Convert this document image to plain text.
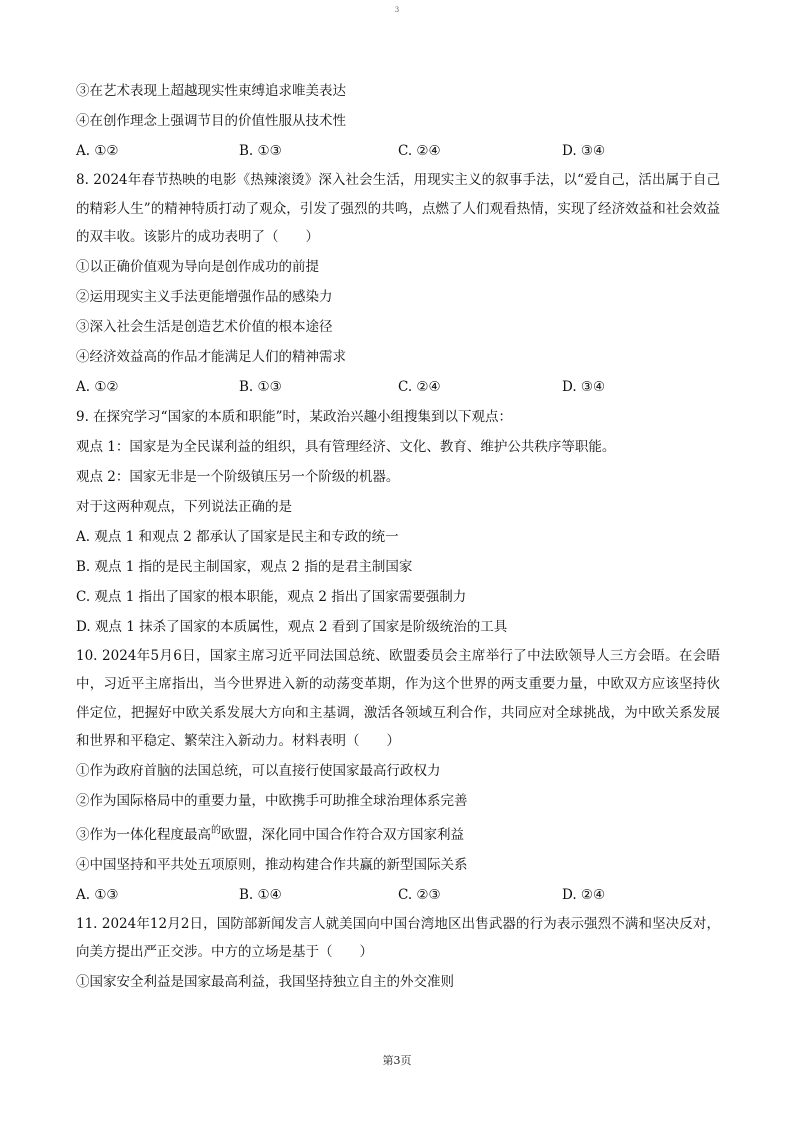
3
③在艺术表现上超越现实性束缚追求唯美表达
④在创作理念上强调节目的价值性服从技术性
A. ①②	B. ①③	C. ②④	D. ③④
8. 2024年春节热映的电影《热辣滚烫》深入社会生活，用现实主义的叙事手法，以“爱自己，活出属于自己的精彩人生”的精神特质打动了观众，引发了强烈的共鸣，点燃了人们观看热情，实现了经济效益和社会效益的双丰收。该影片的成功表明了（　　）
①以正确价值观为导向是创作成功的前提
②运用现实主义手法更能增强作品的感染力
③深入社会生活是创造艺术价值的根本途径
④经济效益高的作品才能满足人们的精神需求
A. ①②	B. ①③	C. ②④	D. ③④
9. 在探究学习“国家的本质和职能”时，某政治兴趣小组搜集到以下观点：
观点 1：国家是为全民谋利益的组织，具有管理经济、文化、教育、维护公共秩序等职能。
观点 2：国家无非是一个阶级镇压另一个阶级的机器。
对于这两种观点，下列说法正确的是
A. 观点 1 和观点 2 都承认了国家是民主和专政的统一
B. 观点 1 指的是民主制国家，观点 2 指的是君主制国家
C. 观点 1 指出了国家的根本职能，观点 2 指出了国家需要强制力
D. 观点 1 抹杀了国家的本质属性，观点 2 看到了国家是阶级统治的工具
10. 2024年5月6日，国家主席习近平同法国总统、欧盟委员会主席举行了中法欧领导人三方会晤。在会晤中，习近平主席指出，当今世界进入新的动荡变革期，作为这个世界的两支重要力量，中欧双方应该坚持伙伴定位，把握好中欧关系发展大方向和主基调，激活各领域互利合作，共同应对全球挑战，为中欧关系发展和世界和平稳定、繁荣注入新动力。材料表明（　　）
①作为政府首脑的法国总统，可以直接行使国家最高行政权力
②作为国际格局中的重要力量，中欧携手可助推全球治理体系完善
③作为一体化程度最高$^的$欧盟，深化同中国合作符合双方国家利益
④中国坚持和平共处五项原则，推动构建合作共赢的新型国际关系
A. ①③	B. ①④	C. ②③	D. ②④
11. 2024年12月2日，国防部新闻发言人就美国向中国台湾地区出售武器的行为表示强烈不满和坚决反对，向美方提出严正交涉。中方的立场是基于（　　）
①国家安全利益是国家最高利益，我国坚持独立自主的外交准则
第3页
